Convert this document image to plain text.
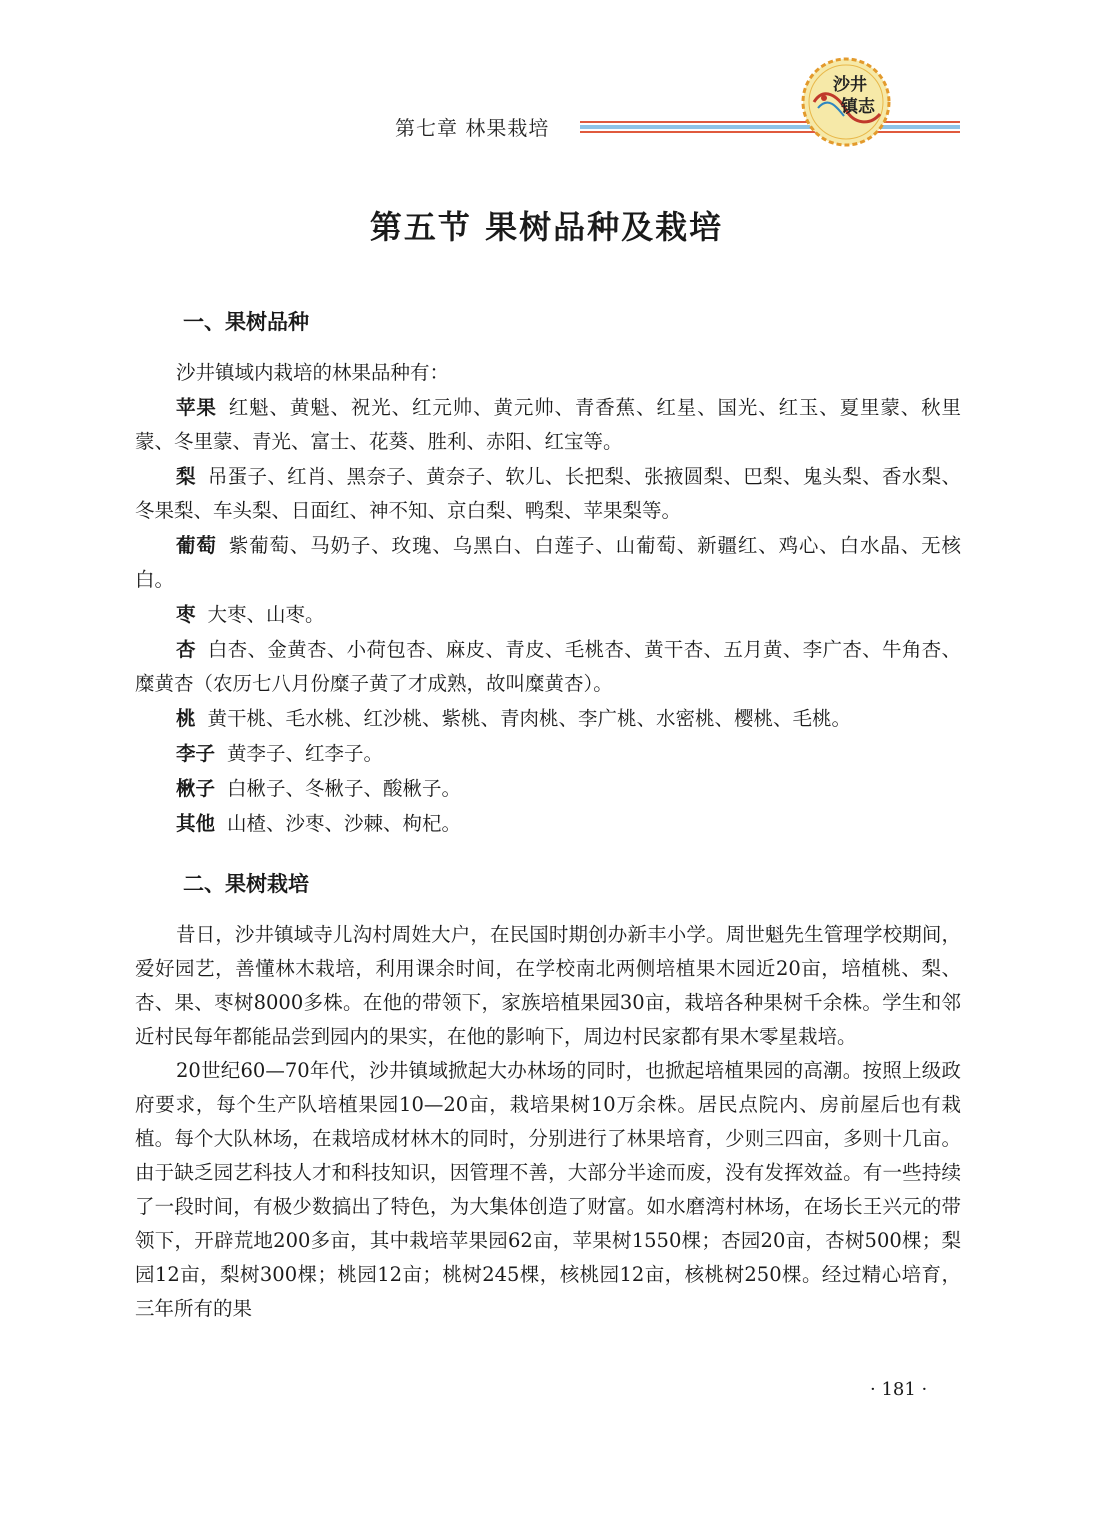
第七章 林果栽培
沙井
镇志
第五节 果树品种及栽培
一、果树品种

沙井镇域内栽培的林果品种有：

苹果 红魁、黄魁、祝光、红元帅、黄元帅、青香蕉、红星、国光、红玉、夏里蒙、秋里蒙、冬里蒙、青光、富士、花葵、胜利、赤阳、红宝等。

梨 吊蛋子、红肖、黑奈子、黄奈子、软儿、长把梨、张掖圆梨、巴梨、鬼头梨、香水梨、冬果梨、车头梨、日面红、神不知、京白梨、鸭梨、苹果梨等。

葡萄 紫葡萄、马奶子、玫瑰、乌黑白、白莲子、山葡萄、新疆红、鸡心、白水晶、无核白。

枣 大枣、山枣。

杏 白杏、金黄杏、小荷包杏、麻皮、青皮、毛桃杏、黄干杏、五月黄、李广杏、牛角杏、糜黄杏（农历七八月份糜子黄了才成熟，故叫糜黄杏）。

桃 黄干桃、毛水桃、红沙桃、紫桃、青肉桃、李广桃、水密桃、樱桃、毛桃。

李子 黄李子、红李子。

楸子 白楸子、冬楸子、酸楸子。

其他 山楂、沙枣、沙棘、枸杞。

二、果树栽培

昔日，沙井镇域寺儿沟村周姓大户，在民国时期创办新丰小学。周世魁先生管理学校期间，爱好园艺，善懂林木栽培，利用课余时间，在学校南北两侧培植果木园近20亩，培植桃、梨、杏、果、枣树8000多株。在他的带领下，家族培植果园30亩，栽培各种果树千余株。学生和邻近村民每年都能品尝到园内的果实，在他的影响下，周边村民家都有果木零星栽培。

20世纪60—70年代，沙井镇域掀起大办林场的同时，也掀起培植果园的高潮。按照上级政府要求，每个生产队培植果园10—20亩，栽培果树10万余株。居民点院内、房前屋后也有栽植。每个大队林场，在栽培成材林木的同时，分别进行了林果培育，少则三四亩，多则十几亩。由于缺乏园艺科技人才和科技知识，因管理不善，大部分半途而废，没有发挥效益。有一些持续了一段时间，有极少数搞出了特色，为大集体创造了财富。如水磨湾村林场，在场长王兴元的带领下，开辟荒地200多亩，其中栽培苹果园62亩，苹果树1550棵；杏园20亩，杏树500棵；梨园12亩，梨树300棵；桃园12亩；桃树245棵，核桃园12亩，核桃树250棵。经过精心培育，三年所有的果

· 181 ·
